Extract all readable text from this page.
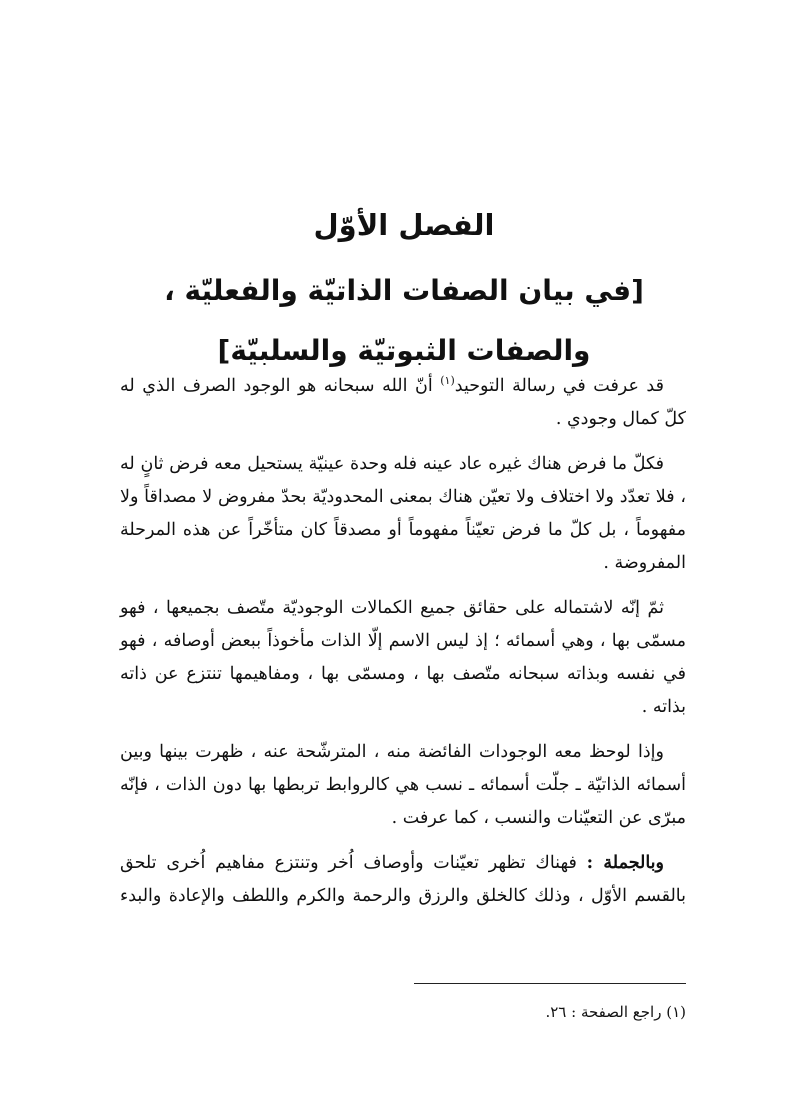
الفصل الأوّل
[في بيان الصفات الذاتيّة والفعليّة ،
والصفات الثبوتيّة والسلبيّة]

قد عرفت في رسالة التوحيد$^{(١)}$ أنّ الله سبحانه هو الوجود الصرف الذي له كلّ كمال وجودي .

فكلّ ما فرض هناك غيره عاد عينه فله وحدة عينيّة يستحيل معه فرض ثانٍ له ، فلا تعدّد ولا اختلاف ولا تعيّن هناك بمعنى المحدوديّة بحدّ مفروض لا مصداقاً ولا مفهوماً ، بل كلّ ما فرض تعيّناً مفهوماً أو مصدقاً كان متأخّراً عن هذه المرحلة المفروضة .

ثمّ إنّه لاشتماله على حقائق جميع الكمالات الوجوديّة متّصف بجميعها ، فهو مسمّى بها ، وهي أسمائه ؛ إذ ليس الاسم إلّا الذات مأخوذاً ببعض أوصافه ، فهو في نفسه وبذاته سبحانه متّصف بها ، ومسمّى بها ، ومفاهيمها تنتزع عن ذاته بذاته .

وإذا لوحظ معه الوجودات الفائضة منه ، المترشّحة عنه ، ظهرت بينها وبين أسمائه الذاتيّة ـ جلّت أسمائه ـ نسب هي كالروابط تربطها بها دون الذات ، فإنّه مبرّى عن التعيّنات والنسب ، كما عرفت .

وبالجملة : فهناك تظهر تعيّنات وأوصاف اُخر وتنتزع مفاهيم اُخرى تلحق بالقسم الأوّل ، وذلك كالخلق والرزق والرحمة والكرم واللطف والإعادة والبدء

(١) راجع الصفحة : ٢٦.
